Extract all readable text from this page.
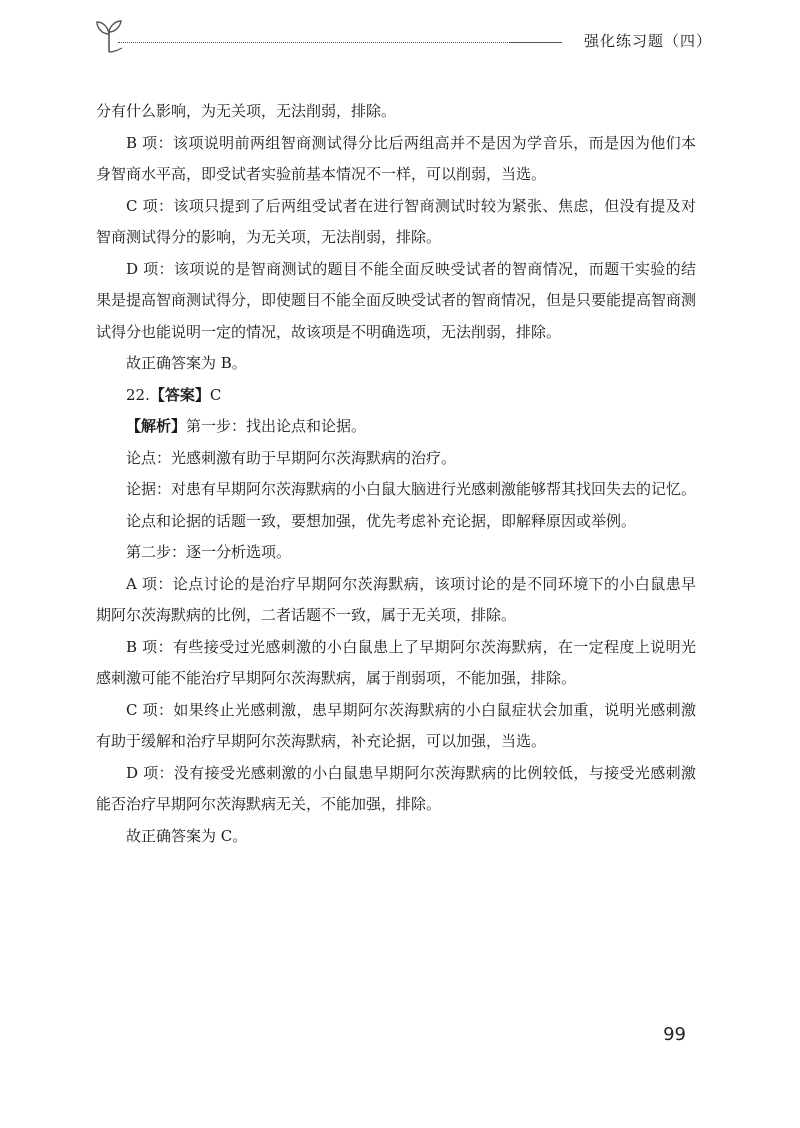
强化练习题（四）

分有什么影响，为无关项，无法削弱，排除。

B 项：该项说明前两组智商测试得分比后两组高并不是因为学音乐，而是因为他们本身智商水平高，即受试者实验前基本情况不一样，可以削弱，当选。

C 项：该项只提到了后两组受试者在进行智商测试时较为紧张、焦虑，但没有提及对智商测试得分的影响，为无关项，无法削弱，排除。

D 项：该项说的是智商测试的题目不能全面反映受试者的智商情况，而题干实验的结果是提高智商测试得分，即使题目不能全面反映受试者的智商情况，但是只要能提高智商测试得分也能说明一定的情况，故该项是不明确选项，无法削弱，排除。

故正确答案为 B。

22.【答案】C

【解析】第一步：找出论点和论据。

论点：光感刺激有助于早期阿尔茨海默病的治疗。

论据：对患有早期阿尔茨海默病的小白鼠大脑进行光感刺激能够帮其找回失去的记忆。

论点和论据的话题一致，要想加强，优先考虑补充论据，即解释原因或举例。

第二步：逐一分析选项。

A 项：论点讨论的是治疗早期阿尔茨海默病，该项讨论的是不同环境下的小白鼠患早期阿尔茨海默病的比例，二者话题不一致，属于无关项，排除。

B 项：有些接受过光感刺激的小白鼠患上了早期阿尔茨海默病，在一定程度上说明光感刺激可能不能治疗早期阿尔茨海默病，属于削弱项，不能加强，排除。

C 项：如果终止光感刺激，患早期阿尔茨海默病的小白鼠症状会加重，说明光感刺激有助于缓解和治疗早期阿尔茨海默病，补充论据，可以加强，当选。

D 项：没有接受光感刺激的小白鼠患早期阿尔茨海默病的比例较低，与接受光感刺激能否治疗早期阿尔茨海默病无关，不能加强，排除。

故正确答案为 C。

99
